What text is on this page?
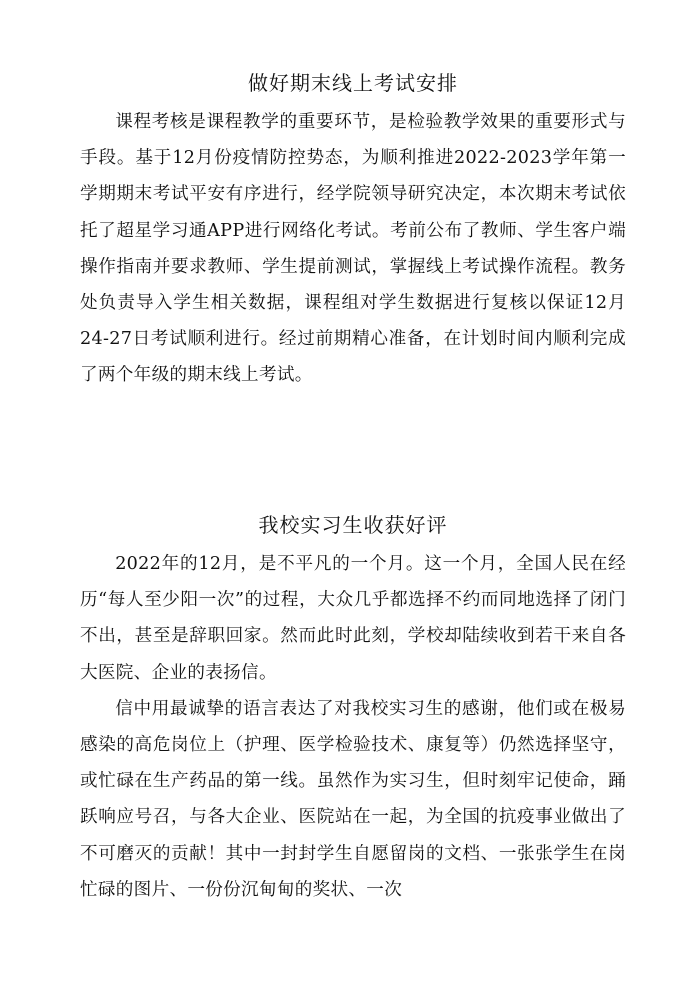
做好期末线上考试安排

课程考核是课程教学的重要环节，是检验教学效果的重要形式与手段。基于12月份疫情防控势态，为顺利推进2022-2023学年第一学期期末考试平安有序进行，经学院领导研究决定，本次期末考试依托了超星学习通APP进行网络化考试。考前公布了教师、学生客户端操作指南并要求教师、学生提前测试，掌握线上考试操作流程。教务处负责导入学生相关数据，课程组对学生数据进行复核以保证12月24-27日考试顺利进行。经过前期精心准备，在计划时间内顺利完成了两个年级的期末线上考试。

我校实习生收获好评

2022年的12月，是不平凡的一个月。这一个月，全国人民在经历“每人至少阳一次”的过程，大众几乎都选择不约而同地选择了闭门不出，甚至是辞职回家。然而此时此刻，学校却陆续收到若干来自各大医院、企业的表扬信。

信中用最诚挚的语言表达了对我校实习生的感谢，他们或在极易感染的高危岗位上（护理、医学检验技术、康复等）仍然选择坚守，或忙碌在生产药品的第一线。虽然作为实习生，但时刻牢记使命，踊跃响应号召，与各大企业、医院站在一起，为全国的抗疫事业做出了不可磨灭的贡献！其中一封封学生自愿留岗的文档、一张张学生在岗忙碌的图片、一份份沉甸甸的奖状、一次
